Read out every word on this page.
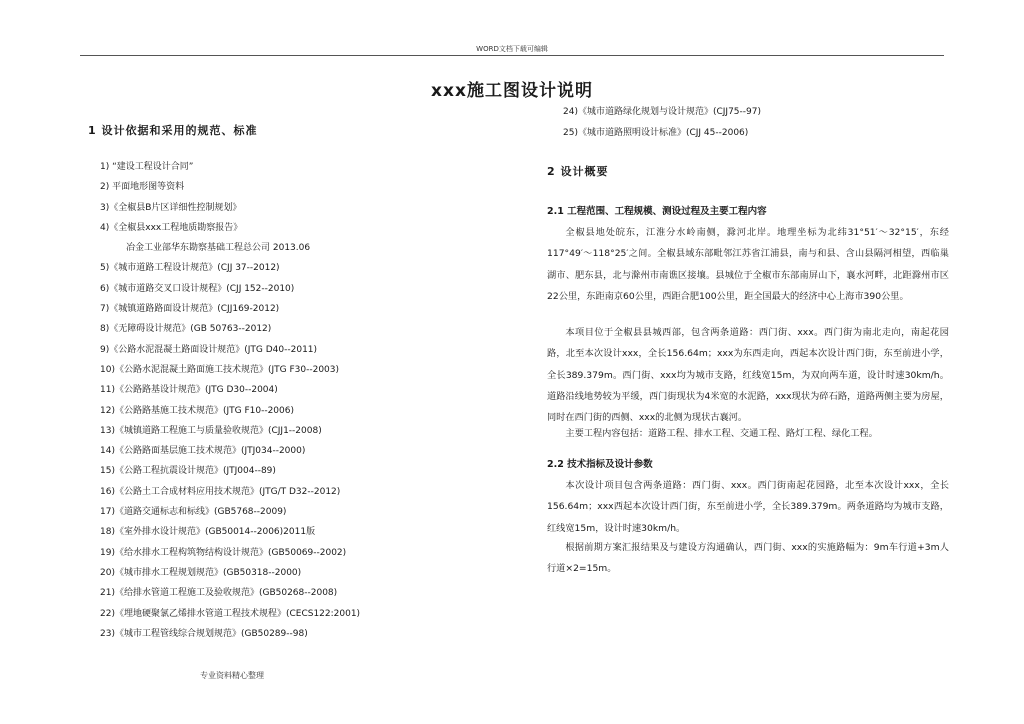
WORD文档下载可编辑
xxx施工图设计说明
1 设计依据和采用的规范、标准
1) “建设工程设计合同”
2) 平面地形图等资料
3)《全椒县B片区详细性控制规划》
4)《全椒县xxx工程地质勘察报告》
冶金工业部华东勘察基础工程总公司 2013.06
5)《城市道路工程设计规范》(CJJ 37--2012)
6)《城市道路交叉口设计规程》(CJJ 152--2010)
7)《城镇道路路面设计规范》(CJJ169-2012)
8)《无障碍设计规范》(GB 50763--2012)
9)《公路水泥混凝土路面设计规范》(JTG D40--2011)
10)《公路水泥混凝土路面施工技术规范》(JTG F30--2003)
11)《公路路基设计规范》(JTG D30--2004)
12)《公路路基施工技术规范》(JTG F10--2006)
13)《城镇道路工程施工与质量验收规范》(CJJ1--2008)
14)《公路路面基层施工技术规范》(JTJ034--2000)
15)《公路工程抗震设计规范》(JTJ004--89)
16)《公路土工合成材料应用技术规范》(JTG/T D32--2012)
17)《道路交通标志和标线》(GB5768--2009)
18)《室外排水设计规范》(GB50014--2006)2011版
19)《给水排水工程构筑物结构设计规范》(GB50069--2002)
20)《城市排水工程规划规范》(GB50318--2000)
21)《给排水管道工程施工及验收规范》(GB50268--2008)
22)《埋地硬聚氯乙烯排水管道工程技术规程》(CECS122:2001)
23)《城市工程管线综合规划规范》(GB50289--98)
24)《城市道路绿化规划与设计规范》(CJJ75--97)
25)《城市道路照明设计标准》(CJJ 45--2006)
2 设计概要
2.1 工程范围、工程规模、测设过程及主要工程内容

全椒县地处皖东，江淮分水岭南侧，滁河北岸。地理坐标为北纬31°51′～32°15′，东经117°49′～118°25′之间。全椒县域东部毗邻江苏省江浦县，南与和县、含山县隔河相望，西临巢湖市、肥东县，北与滁州市南谯区接壤。县城位于全椒市东部南屏山下，襄水河畔，北距滁州市区22公里，东距南京60公里，西距合肥100公里，距全国最大的经济中心上海市390公里。

本项目位于全椒县县城西部，包含两条道路：西门街、xxx。西门街为南北走向，南起花园路，北至本次设计xxx，全长156.64m；xxx为东西走向，西起本次设计西门街，东至前进小学，全长389.379m。西门街、xxx均为城市支路，红线宽15m，为双向两车道，设计时速30km/h。道路沿线地势较为平缓，西门街现状为4米宽的水泥路，xxx现状为碎石路，道路两侧主要为房屋，同时在西门街的西侧、xxx的北侧为现状古襄河。

主要工程内容包括：道路工程、排水工程、交通工程、路灯工程、绿化工程。

2.2 技术指标及设计参数

本次设计项目包含两条道路：西门街、xxx。西门街南起花园路，北至本次设计xxx，全长156.64m；xxx西起本次设计西门街，东至前进小学，全长389.379m。两条道路均为城市支路，红线宽15m，设计时速30km/h。

根据前期方案汇报结果及与建设方沟通确认，西门街、xxx的实施路幅为：9m车行道+3m人行道×2=15m。

专业资料精心整理
